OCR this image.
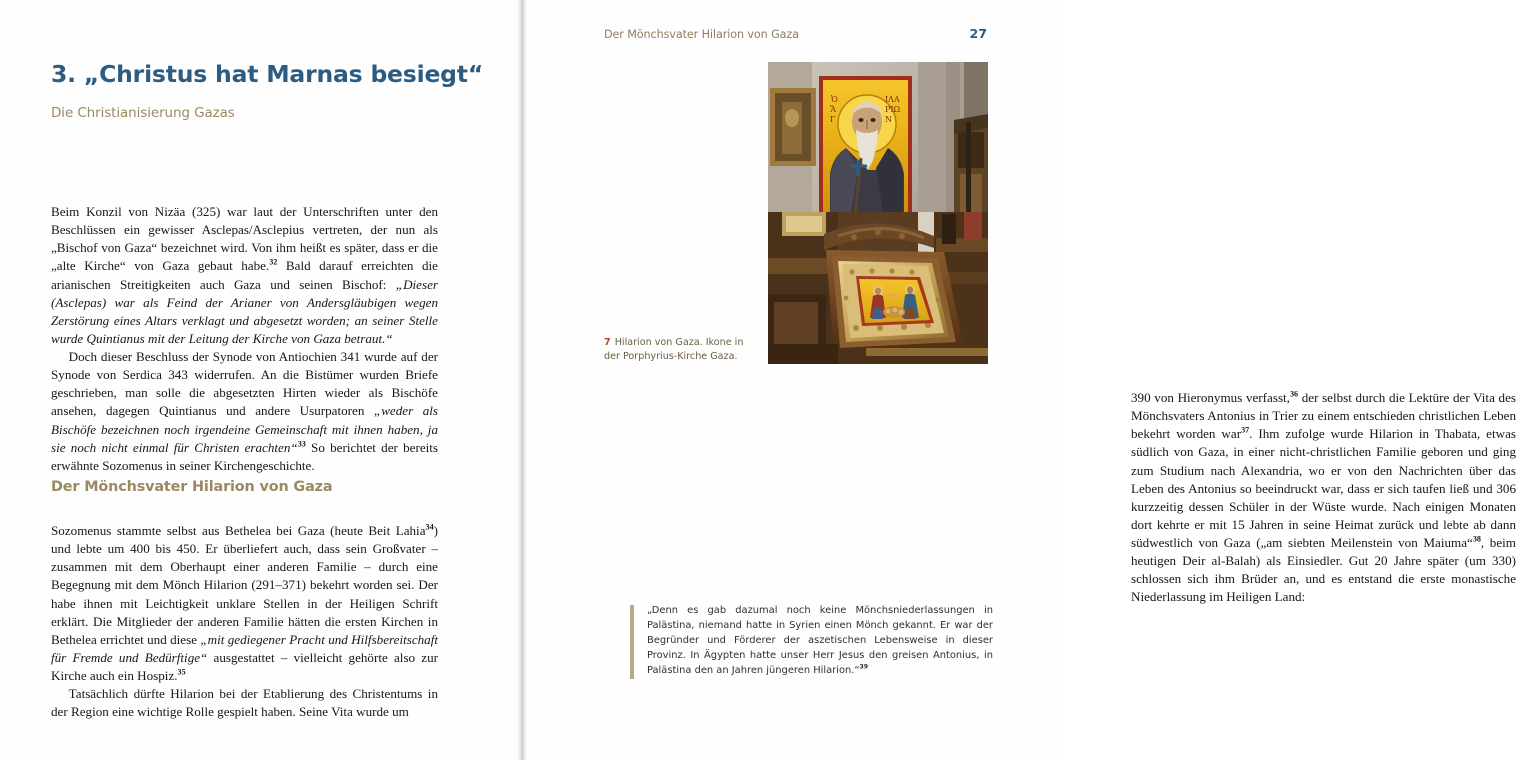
3. „Christus hat Marnas besiegt“
Die Christianisierung Gazas

Beim Konzil von Nizäa (325) war laut der Unterschriften unter den Beschlüssen ein gewisser Asclepas/Asclepius vertreten, der nun als „Bischof von Gaza“ bezeichnet wird. Von ihm heißt es später, dass er die „alte Kirche“ von Gaza gebaut habe.$^{32}$ Bald darauf erreichten die arianischen Streitigkeiten auch Gaza und seinen Bischof: „Dieser (Asclepas) war als Feind der Arianer von Andersgläubigen wegen Zerstörung eines Altars verklagt und abgesetzt worden; an seiner Stelle wurde Quintianus mit der Leitung der Kirche von Gaza betraut.“

Doch dieser Beschluss der Synode von Antiochien 341 wurde auf der Synode von Serdica 343 widerrufen. An die Bistümer wurden Briefe geschrieben, man solle die abgesetzten Hirten wieder als Bischöfe ansehen, dagegen Quintianus und andere Usurpatoren „weder als Bischöfe bezeichnen noch irgendeine Gemeinschaft mit ihnen haben, ja sie noch nicht einmal für Christen erachten“$^{33}$ So berichtet der bereits erwähnte Sozomenus in seiner Kirchengeschichte.

Der Mönchsvater Hilarion von Gaza

Sozomenus stammte selbst aus Bethelea bei Gaza (heute Beit Lahia$^{34}$) und lebte um 400 bis 450. Er überliefert auch, dass sein Großvater – zusammen mit dem Oberhaupt einer anderen Familie – durch eine Begegnung mit dem Mönch Hilarion (291–371) bekehrt worden sei. Der habe ihnen mit Leichtigkeit unklare Stellen in der Heiligen Schrift erklärt. Die Mitglieder der anderen Familie hätten die ersten Kirchen in Bethelea errichtet und diese „mit gediegener Pracht und Hilfsbereitschaft für Fremde und Bedürftige“ ausgestattet – vielleicht gehörte also zur Kirche auch ein Hospiz.$^{35}$

Tatsächlich dürfte Hilarion bei der Etablierung des Christentums in der Region eine wichtige Rolle gespielt haben. Seine Vita wurde um

Der Mönchsvater Hilarion von Gaza	27
Ὁ
Ἅ
Γ
ΙΛΑ
ΡΙΩ
Ν
7 Hilarion von Gaza. Ikone in der Porphyrius-Kirche Gaza.

390 von Hieronymus verfasst,$^{36}$ der selbst durch die Lektüre der Vita des Mönchsvaters Antonius in Trier zu einem entschieden christlichen Leben bekehrt worden war$^{37}$. Ihm zufolge wurde Hilarion in Thabata, etwas südlich von Gaza, in einer nicht-christlichen Familie geboren und ging zum Studium nach Alexandria, wo er von den Nachrichten über das Leben des Antonius so beeindruckt war, dass er sich taufen ließ und 306 kurzzeitig dessen Schüler in der Wüste wurde. Nach einigen Monaten dort kehrte er mit 15 Jahren in seine Heimat zurück und lebte ab dann südwestlich von Gaza („am siebten Meilenstein von Maiuma“$^{38}$, beim heutigen Deir al-Balah) als Einsiedler. Gut 20 Jahre später (um 330) schlossen sich ihm Brüder an, und es entstand die erste monastische Niederlassung im Heiligen Land:

„Denn es gab dazumal noch keine Mönchsniederlassungen in Palästina, niemand hatte in Syrien einen Mönch gekannt. Er war der Begründer und Förderer der aszetischen Lebensweise in dieser Provinz. In Ägypten hatte unser Herr Jesus den greisen Antonius, in Palästina den an Jahren jüngeren Hilarion.“$^{39}$
